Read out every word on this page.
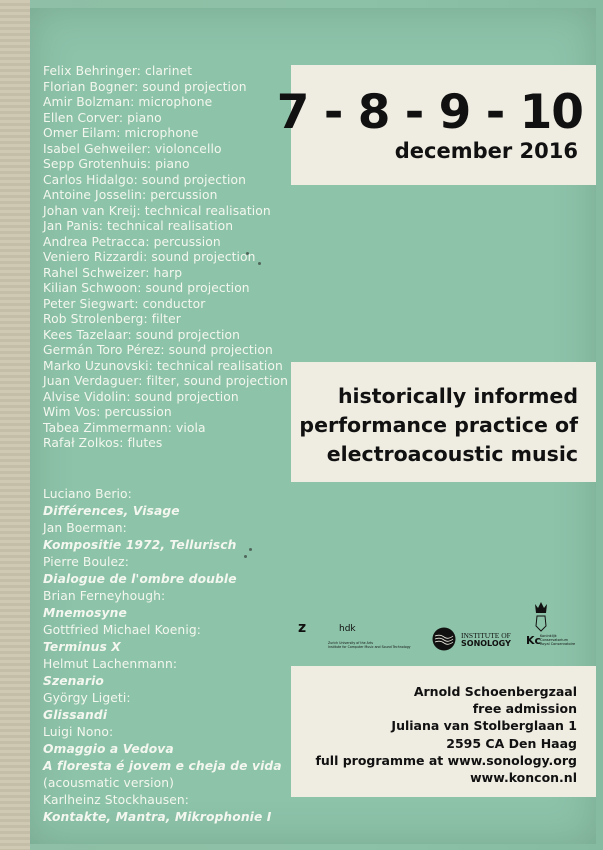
Felix Behringer: clarinet
Florian Bogner: sound projection
Amir Bolzman: microphone
Ellen Corver: piano
Omer Eilam: microphone
Isabel Gehweiler: violoncello
Sepp Grotenhuis: piano
Carlos Hidalgo: sound projection
Antoine Josselin: percussion
Johan van Kreij: technical realisation
Jan Panis: technical realisation
Andrea Petracca: percussion
Veniero Rizzardi: sound projection
Rahel Schweizer: harp
Kilian Schwoon: sound projection
Peter Siegwart: conductor
Rob Strolenberg: filter
Kees Tazelaar: sound projection
Germán Toro Pérez: sound projection
Marko Uzunovski: technical realisation
Juan Verdaguer: filter, sound projection
Alvise Vidolin: sound projection
Wim Vos: percussion
Tabea Zimmermann: viola
Rafał Zolkos: flutes
Luciano Berio:
Différences, Visage
Jan Boerman:
Kompositie 1972, Tellurisch
Pierre Boulez:
Dialogue de l'ombre double
Brian Ferneyhough:
Mnemosyne
Gottfried Michael Koenig:
Terminus X
Helmut Lachenmann:
Szenario
György Ligeti:
Glissandi
Luigi Nono:
Omaggio a Vedova
A floresta é jovem e cheja de vida
(acousmatic version)
Karlheinz Stockhausen:
Kontakte, Mantra, Mikrophonie I
7 - 8 - 9 - 10
december 2016
historically informed
performance practice of
electroacoustic music
z	hdk
Zurich University of the Arts
Institute for Computer Music and Sound Technology
INSTITUTE OF
SONOLOGY Kc
Koninklijk
Conservatorium
Royal Conservatoire
Arnold Schoenbergzaal
free admission
Juliana van Stolberglaan 1
2595 CA Den Haag
full programme at www.sonology.org
www.koncon.nl
